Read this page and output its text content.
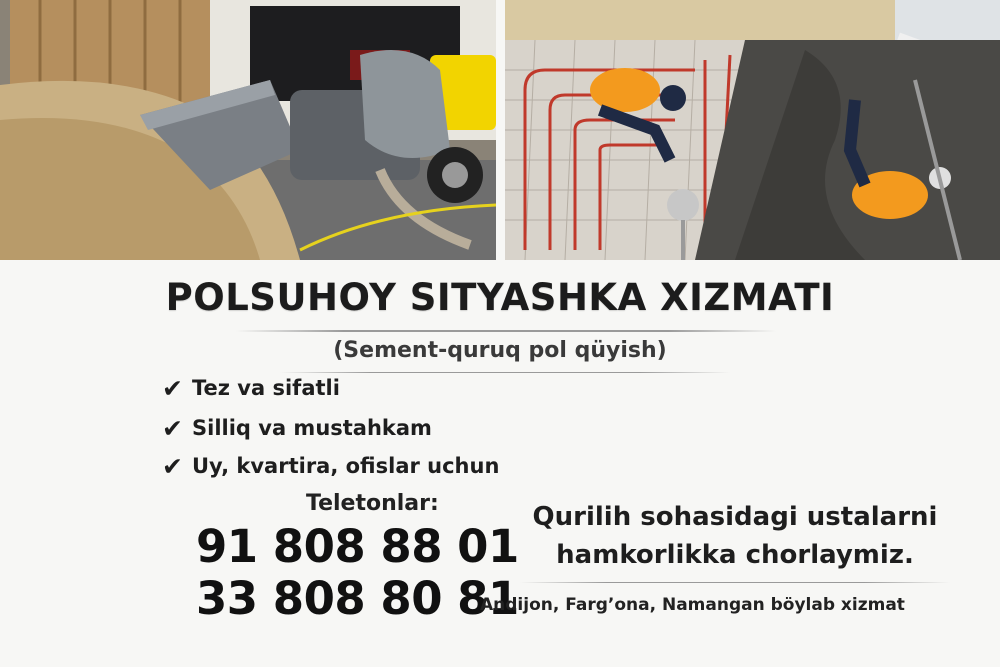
POLSUHOY SITYASHKA XIZMATI
(Sement-quruq pol qüyish)
✔ Tez va sifatli
✔ Silliq va mustahkam
✔ Uy, kvartira, ofislar uchun
Teletonlar:
91 808 88 01
33 808 80 81
Qurilih sohasidagi ustalarni
hamkorlikka chorlaymiz.
Andijon, Farg’ona, Namangan böylab xizmat
